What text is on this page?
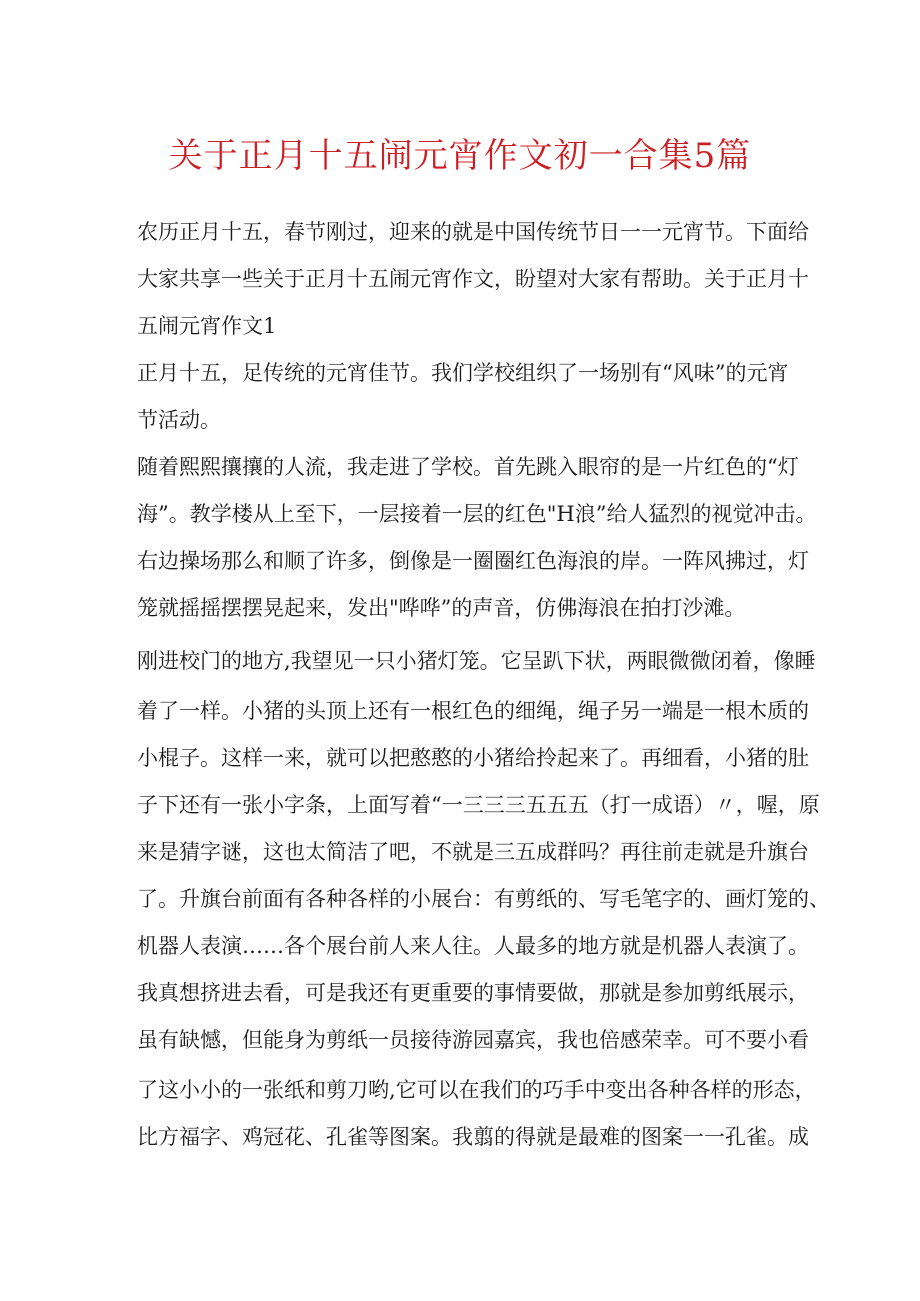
关于正月十五闹元宵作文初一合集5篇
农历正月十五，春节刚过，迎来的就是中国传统节日一一元宵节。下面给
大家共享一些关于正月十五闹元宵作文，盼望对大家有帮助。关于正月十
五闹元宵作文1
正月十五，足传统的元宵佳节。我们学校组织了一场别有“风味”的元宵
节活动。
随着熙熙攘攘的人流，我走进了学校。首先跳入眼帘的是一片红色的“灯
海”。教学楼从上至下，一层接着一层的红色"H浪”给人猛烈的视觉冲击。
右边操场那么和顺了许多，倒像是一圈圈红色海浪的岸。一阵风拂过，灯
笼就摇摇摆摆晃起来，发出"哗哗”的声音，仿佛海浪在拍打沙滩。
刚进校门的地方,我望见一只小猪灯笼。它呈趴下状，两眼微微闭着，像睡
着了一样。小猪的头顶上还有一根红色的细绳，绳子另一端是一根木质的
小棍子。这样一来，就可以把憨憨的小猪给拎起来了。再细看，小猪的肚
子下还有一张小字条，上面写着“一三三三五五五（打一成语）〃，喔，原
来是猜字谜，这也太简洁了吧，不就是三五成群吗？再往前走就是升旗台
了。升旗台前面有各种各样的小展台：有剪纸的、写毛笔字的、画灯笼的、
机器人表演……各个展台前人来人往。人最多的地方就是机器人表演了。
我真想挤进去看，可是我还有更重要的事情要做，那就是参加剪纸展示，
虽有缺憾，但能身为剪纸一员接待游园嘉宾，我也倍感荣幸。可不要小看
了这小小的一张纸和剪刀哟,它可以在我们的巧手中变出各种各样的形态，
比方福字、鸡冠花、孔雀等图案。我翦的得就是最难的图案一一孔雀。成
